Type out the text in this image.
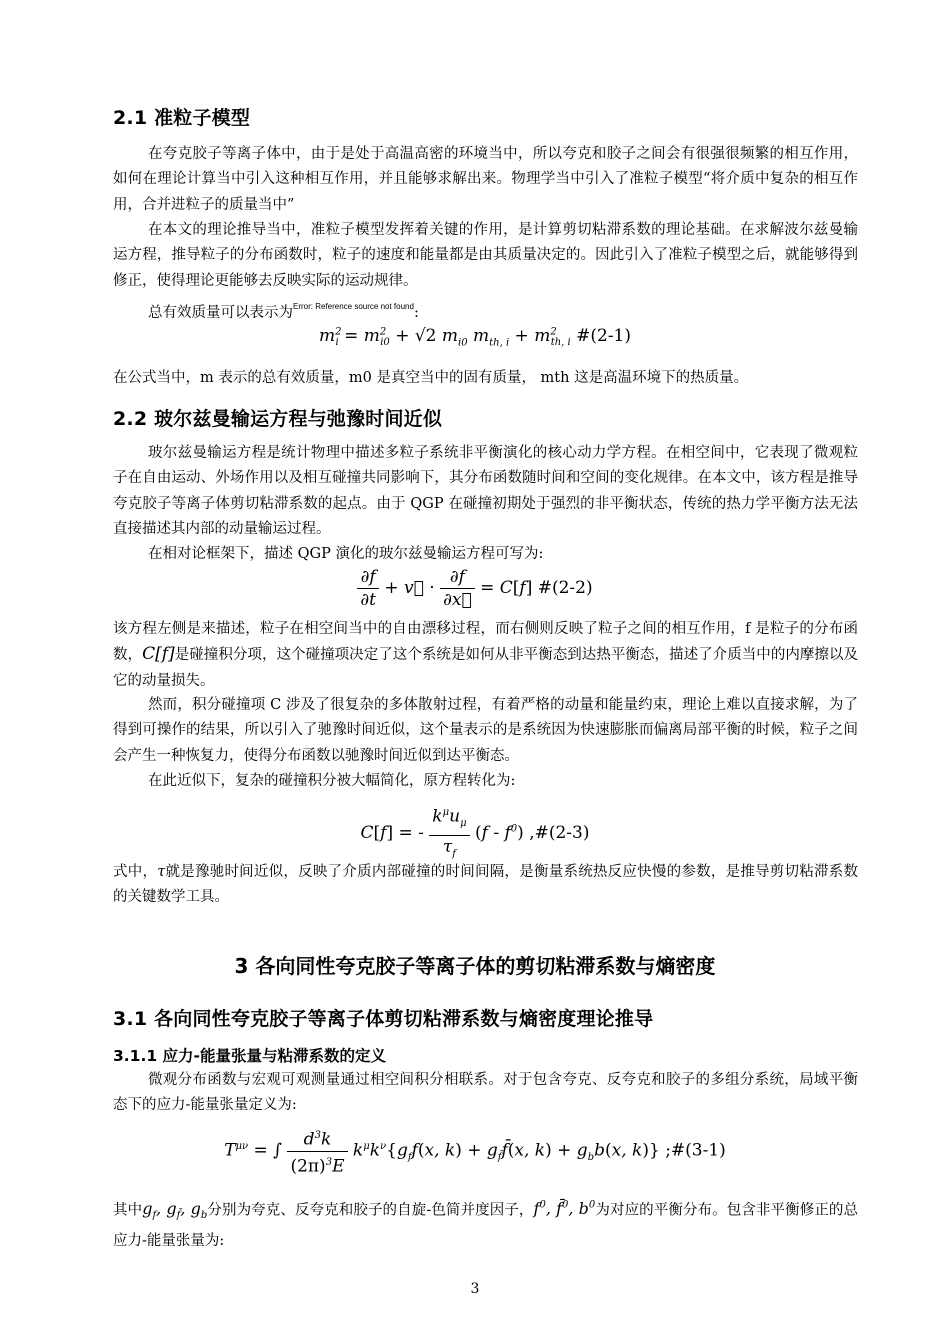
2.1 准粒子模型

在夸克胶子等离子体中，由于是处于高温高密的环境当中，所以夸克和胶子之间会有很强很频繁的相互作用，如何在理论计算当中引入这种相互作用，并且能够求解出来。物理学当中引入了准粒子模型“将介质中复杂的相互作用，合并进粒子的质量当中”

在本文的理论推导当中，准粒子模型发挥着关键的作用，是计算剪切粘滞系数的理论基础。在求解波尔兹曼输运方程，推导粒子的分布函数时，粒子的速度和能量都是由其质量决定的。因此引入了准粒子模型之后，就能够得到修正，使得理论更能够去反映实际的运动规律。

总有效质量可以表示为$^{Error: Reference source not found}$:

$m^2_i = m^2_{i0} + √2$ $m_{i0}$ $m_{th, i} + m^2_{th, i}$ #(2-1)

在公式当中，m 表示的总有效质量，m0 是真空当中的固有质量， mth 这是高温环境下的热质量。

2.2 玻尔兹曼输运方程与弛豫时间近似

玻尔兹曼输运方程是统计物理中描述多粒子系统非平衡演化的核心动力学方程。在相空间中，它表现了微观粒子在自由运动、外场作用以及相互碰撞共同影响下，其分布函数随时间和空间的变化规律。在本文中，该方程是推导夸克胶子等离子体剪切粘滞系数的起点。由于 QGP 在碰撞初期处于强烈的非平衡状态，传统的热力学平衡方法无法直接描述其内部的动量输运过程。

在相对论框架下，描述 QGP 演化的玻尔兹曼输运方程可写为:

$\frac{\partial f}{\partial t}$ + v⃗ · $\frac{\partial f}{\partial x⃗} = C[f]$ #(2-2)

该方程左侧是来描述，粒子在相空间当中的自由漂移过程，而右侧则反映了粒子之间的相互作用，f 是粒子的分布函数，C[f]是碰撞积分项，这个碰撞项决定了这个系统是如何从非平衡态到达热平衡态，描述了介质当中的内摩擦以及它的动量损失。

然而，积分碰撞项 C 涉及了很复杂的多体散射过程，有着严格的动量和能量约束，理论上难以直接求解，为了得到可操作的结果，所以引入了驰豫时间近似，这个量表示的是系统因为快速膨胀而偏离局部平衡的时候，粒子之间会产生一种恢复力，使得分布函数以驰豫时间近似到达平衡态。

在此近似下，复杂的碰撞积分被大幅简化，原方程转化为:

C[f] = - $\frac{k^\mu u_\mu}{\tau_f} (f - f^0)$ ,#(2-3)

式中，τ就是豫驰时间近似，反映了介质内部碰撞的时间间隔，是衡量系统热反应快慢的参数，是推导剪切粘滞系数的关键数学工具。

3 各向同性夸克胶子等离子体的剪切粘滞系数与熵密度
3.1 各向同性夸克胶子等离子体剪切粘滞系数与熵密度理论推导
3.1.1 应力-能量张量与粘滞系数的定义

微观分布函数与宏观可观测量通过相空间积分相联系。对于包含夸克、反夸克和胶子的多组分系统，局域平衡态下的应力-能量张量定义为:

$T^{\mu\nu}$ = ∫ $\frac{d^3k}{(2\pi)^3E} k^\mu k^\nu\{g_ff(x$, $k) + g_{f̄}f̄(x$, $k) + g_bb(x$, k)} ;#(3-1)

其中$g_f$, $g_{f̄}$, $g_b$分别为夸克、反夸克和胶子的自旋-色简并度因子，$f^0$, f̄$^0$, $b^0$为对应的平衡分布。包含非平衡修正的总应力-能量张量为:

3
